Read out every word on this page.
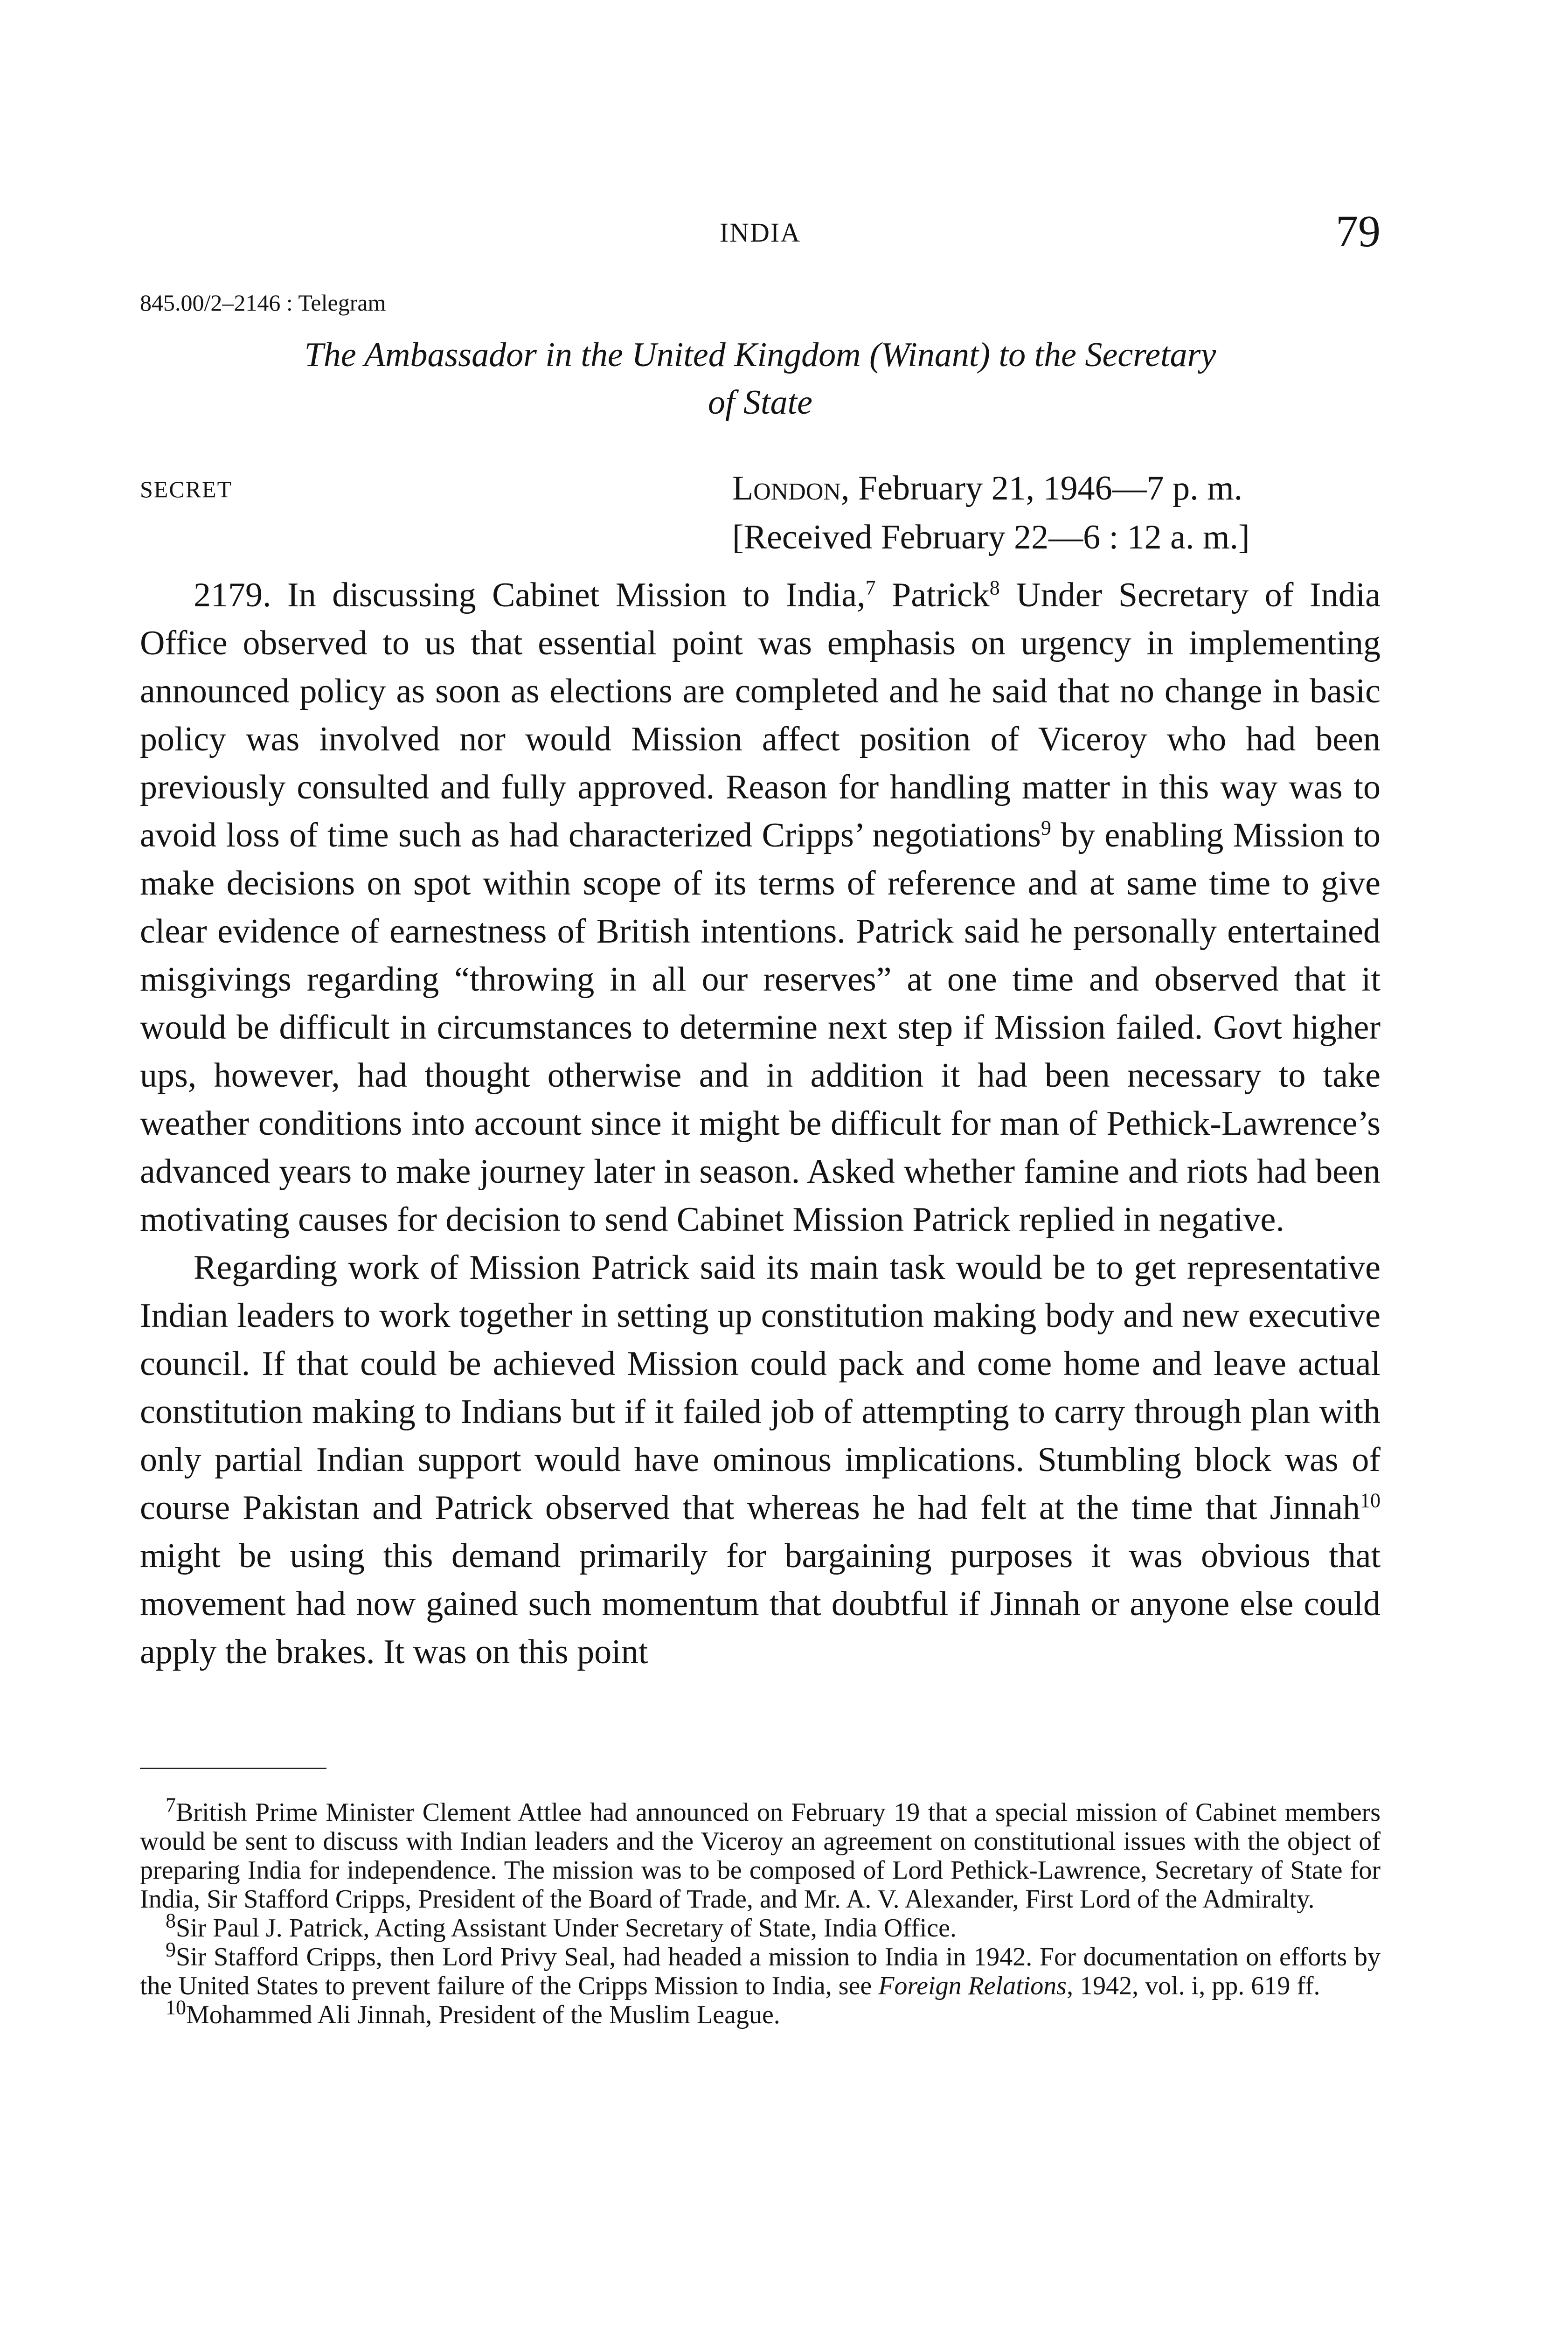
INDIA	79
845.00/2–2146 : Telegram
The Ambassador in the United Kingdom (Winant) to the Secretary
of State
SECRET	London, February 21, 1946—7 p. m.
[Received February 22—6 : 12 a. m.]

2179. In discussing Cabinet Mission to India,$^7$ Patrick$^8$ Under Secretary of India Office observed to us that essential point was emphasis on urgency in implementing announced policy as soon as elections are completed and he said that no change in basic policy was involved nor would Mission affect position of Viceroy who had been previously consulted and fully approved. Reason for handling matter in this way was to avoid loss of time such as had characterized Cripps’ negotiations$^9$ by enabling Mission to make decisions on spot within scope of its terms of reference and at same time to give clear evidence of earnestness of British intentions. Patrick said he personally entertained misgivings regarding “throwing in all our reserves” at one time and observed that it would be difficult in circumstances to determine next step if Mission failed. Govt higher ups, however, had thought otherwise and in addition it had been necessary to take weather conditions into account since it might be difficult for man of Pethick-Lawrence’s advanced years to make journey later in season. Asked whether famine and riots had been motivating causes for decision to send Cabinet Mission Patrick replied in negative.

Regarding work of Mission Patrick said its main task would be to get representative Indian leaders to work together in setting up constitution making body and new executive council. If that could be achieved Mission could pack and come home and leave actual constitution making to Indians but if it failed job of attempting to carry through plan with only partial Indian support would have ominous implications. Stumbling block was of course Pakistan and Patrick observed that whereas he had felt at the time that Jinnah$^{10}$ might be using this demand primarily for bargaining purposes it was obvious that movement had now gained such momentum that doubtful if Jinnah or anyone else could apply the brakes. It was on this point

$^7$British Prime Minister Clement Attlee had announced on February 19 that a special mission of Cabinet members would be sent to discuss with Indian leaders and the Viceroy an agreement on constitutional issues with the object of preparing India for independence. The mission was to be composed of Lord Pethick-Lawrence, Secretary of State for India, Sir Stafford Cripps, President of the Board of Trade, and Mr. A. V. Alexander, First Lord of the Admiralty.

$^8$Sir Paul J. Patrick, Acting Assistant Under Secretary of State, India Office.

$^9$Sir Stafford Cripps, then Lord Privy Seal, had headed a mission to India in 1942. For documentation on efforts by the United States to prevent failure of the Cripps Mission to India, see Foreign Relations, 1942, vol. i, pp. 619 ff.

$^{10}$Mohammed Ali Jinnah, President of the Muslim League.
